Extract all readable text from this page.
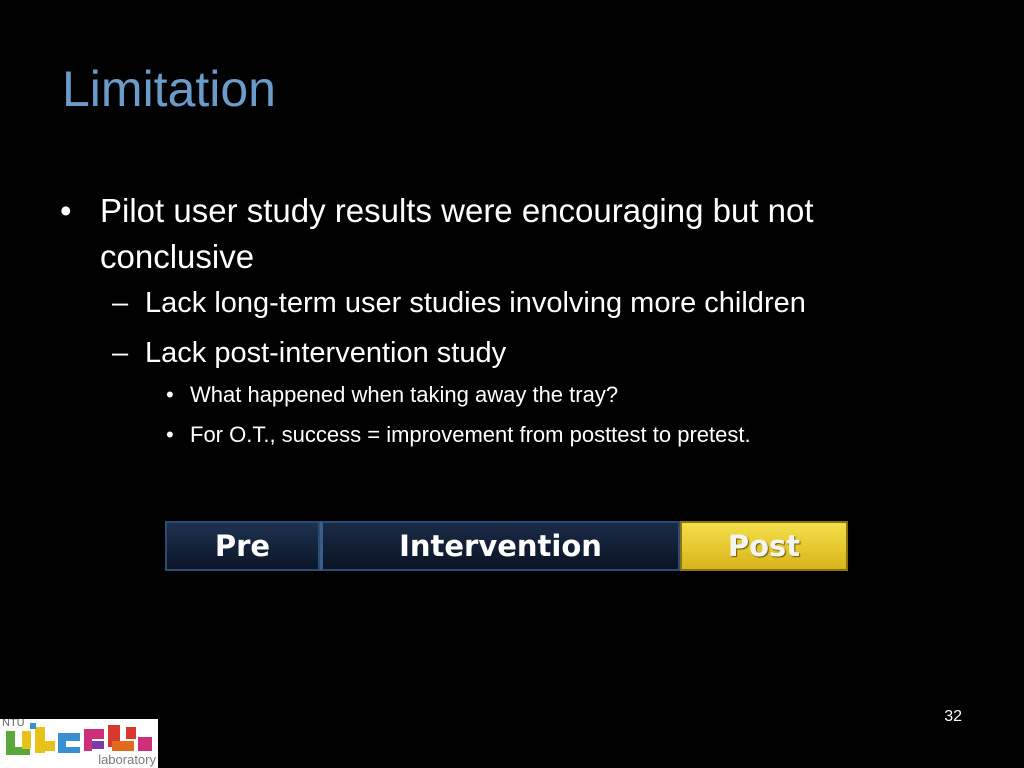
Limitation
• Pilot user study results were encouraging but not conclusive
– Lack long-term user studies involving more children
– Lack post-intervention study
• What happened when taking away the tray?
• For O.T., success = improvement from posttest to pretest.
Pre	Intervention	Post
32
NTU
laboratory
